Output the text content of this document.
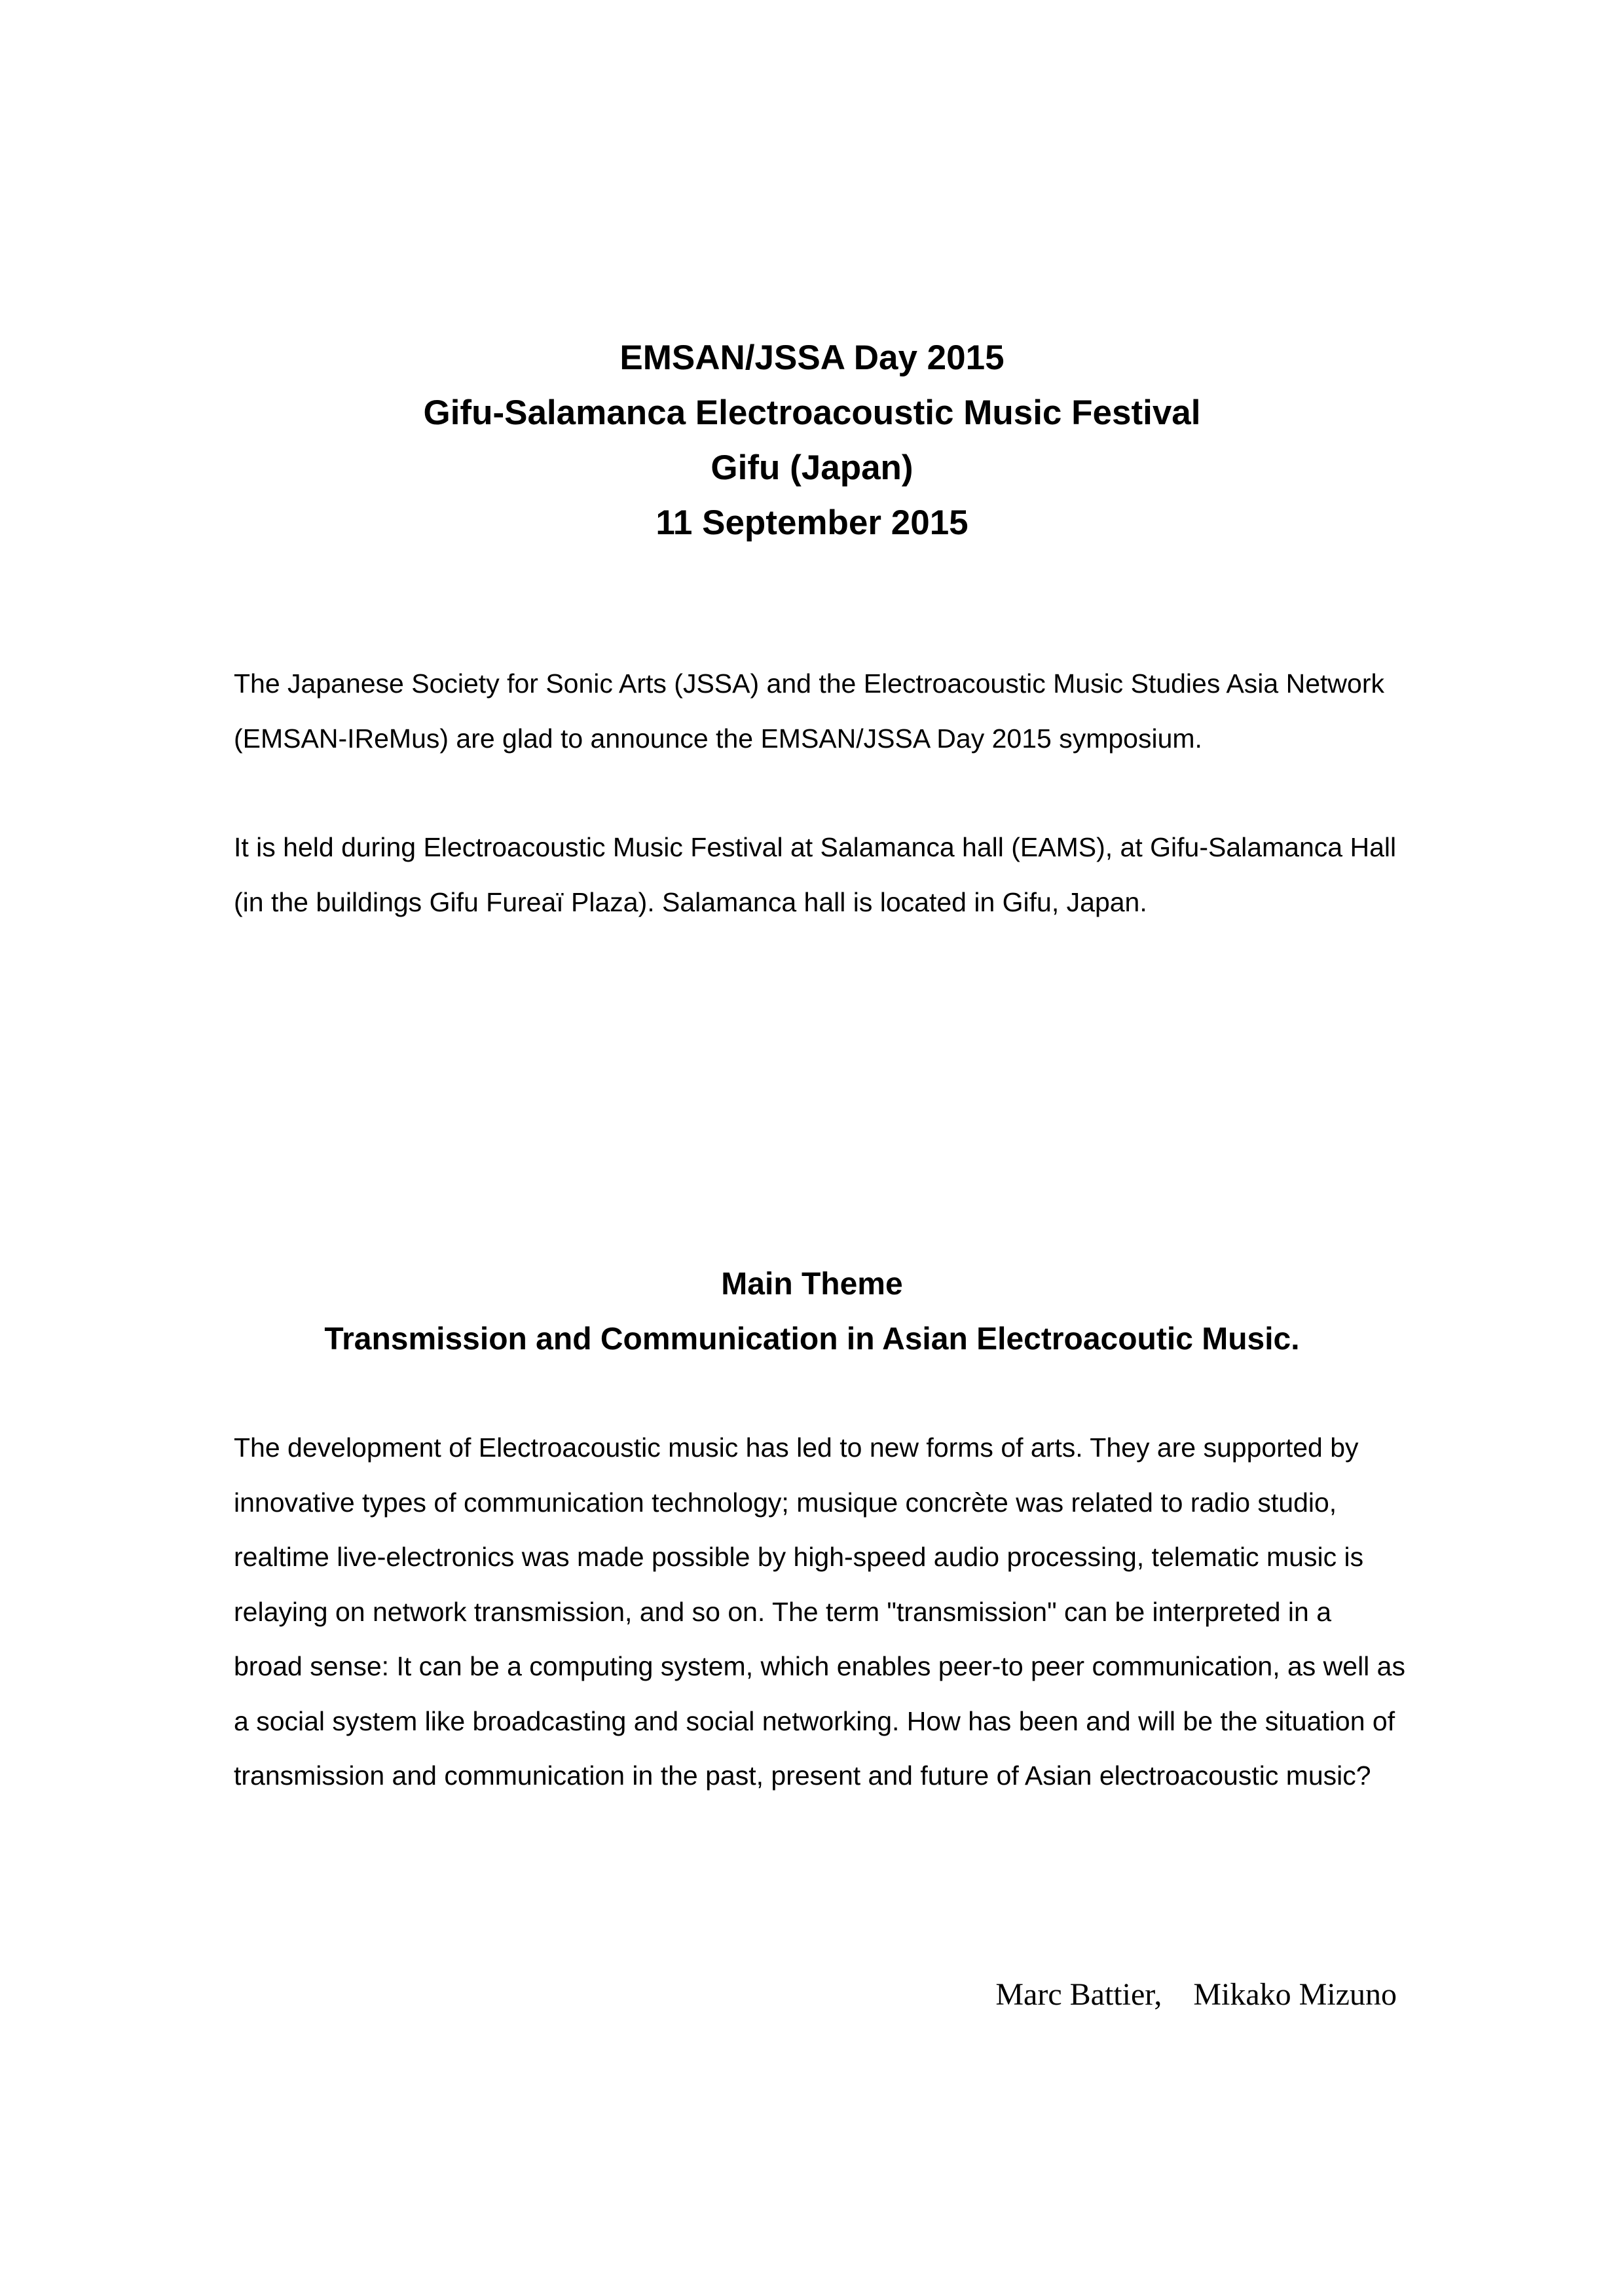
EMSAN/JSSA Day 2015
Gifu-Salamanca Electroacoustic Music Festival
Gifu (Japan)
11 September 2015

The Japanese Society for Sonic Arts (JSSA) and the Electroacoustic Music Studies Asia Network (EMSAN-IReMus) are glad to announce the EMSAN/JSSA Day 2015 symposium.

It is held during Electroacoustic Music Festival at Salamanca hall (EAMS), at Gifu-Salamanca Hall (in the buildings Gifu Fureaï Plaza). Salamanca hall is located in Gifu, Japan.

Main Theme
Transmission and Communication in Asian Electroacoutic Music.

The development of Electroacoustic music has led to new forms of arts. They are supported by innovative types of communication technology; musique concrète was related to radio studio, realtime live-electronics was made possible by high-speed audio processing, telematic music is relaying on network transmission, and so on. The term "transmission" can be interpreted in a broad sense: It can be a computing system, which enables peer-to peer communication, as well as a social system like broadcasting and social networking. How has been and will be the situation of transmission and communication in the past, present and future of Asian electroacoustic music?

Marc Battier,　Mikako Mizuno
